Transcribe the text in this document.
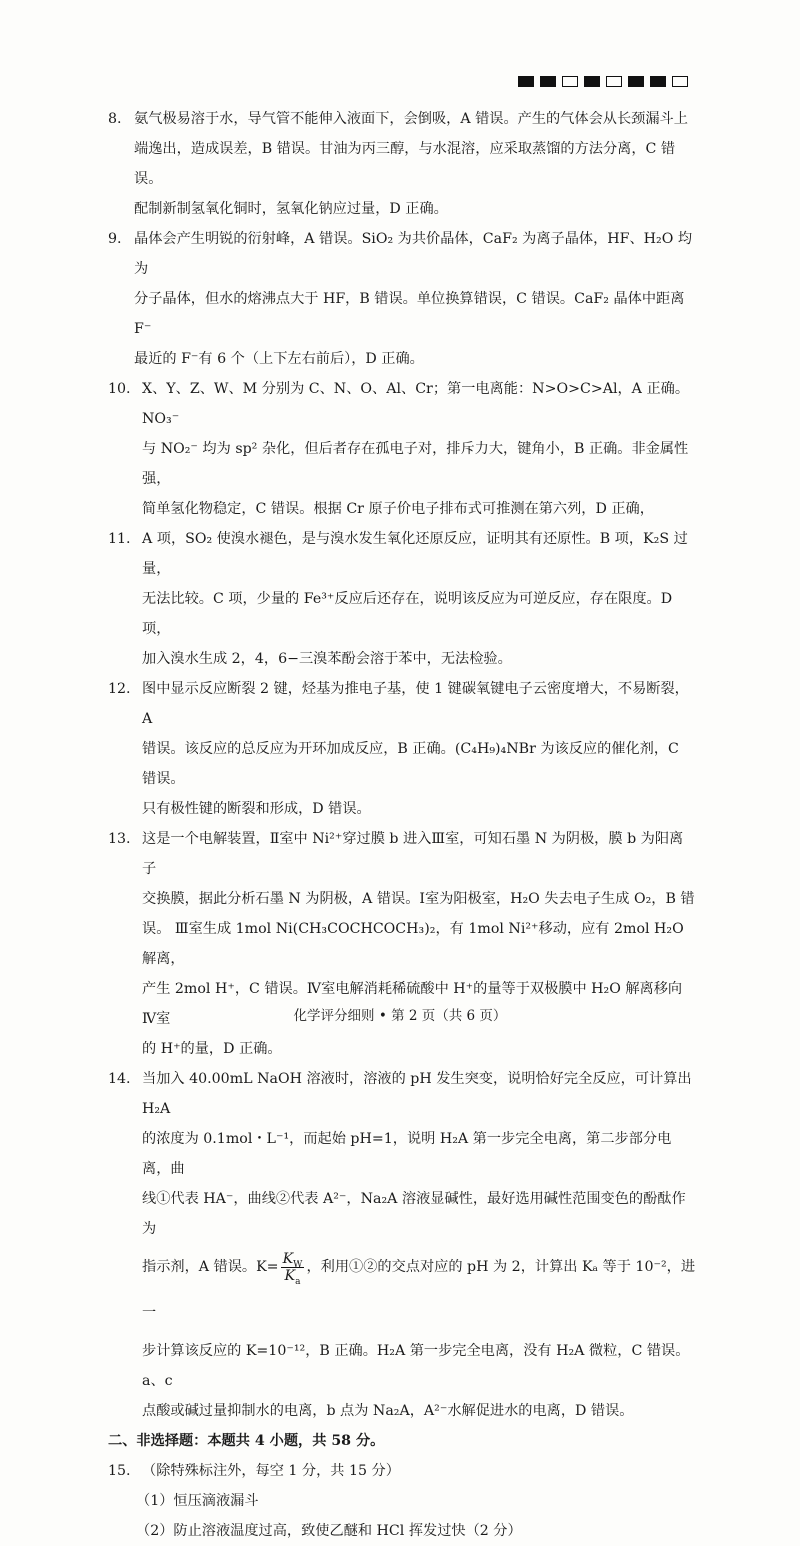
8. 氨气极易溶于水，导气管不能伸入液面下，会倒吸，A 错误。产生的气体会从长颈漏斗上

端逸出，造成误差，B 错误。甘油为丙三醇，与水混溶，应采取蒸馏的方法分离，C 错误。

配制新制氢氧化铜时，氢氧化钠应过量，D 正确。

9. 晶体会产生明锐的衍射峰，A 错误。SiO₂ 为共价晶体，CaF₂ 为离子晶体，HF、H₂O 均为

分子晶体，但水的熔沸点大于 HF，B 错误。单位换算错误，C 错误。CaF₂ 晶体中距离 F⁻

最近的 F⁻有 6 个（上下左右前后），D 正确。

10. X、Y、Z、W、M 分别为 C、N、O、Al、Cr；第一电离能：N>O>C>Al，A 正确。NO₃⁻

与 NO₂⁻ 均为 sp² 杂化，但后者存在孤电子对，排斥力大，键角小，B 正确。非金属性强，

简单氢化物稳定，C 错误。根据 Cr 原子价电子排布式可推测在第六列，D 正确，

11. A 项，SO₂ 使溴水褪色，是与溴水发生氧化还原反应，证明其有还原性。B 项，K₂S 过量，

无法比较。C 项，少量的 Fe³⁺反应后还存在，说明该反应为可逆反应，存在限度。D 项，

加入溴水生成 2，4，6−三溴苯酚会溶于苯中，无法检验。

12. 图中显示反应断裂 2 键，烃基为推电子基，使 1 键碳氧键电子云密度增大，不易断裂，A

错误。该反应的总反应为开环加成反应，B 正确。(C₄H₉)₄NBr 为该反应的催化剂，C 错误。

只有极性键的断裂和形成，D 错误。

13. 这是一个电解装置，Ⅱ室中 Ni²⁺穿过膜 b 进入Ⅲ室，可知石墨 N 为阴极，膜 b 为阳离子

交换膜，据此分析石墨 N 为阴极，A 错误。Ⅰ室为阳极室，H₂O 失去电子生成 O₂，B 错

误。 Ⅲ室生成 1mol Ni(CH₃COCHCOCH₃)₂，有 1mol Ni²⁺移动，应有 2mol H₂O 解离，

产生 2mol H⁺，C 错误。Ⅳ室电解消耗稀硫酸中 H⁺的量等于双极膜中 H₂O 解离移向Ⅳ室

的 H⁺的量，D 正确。

14. 当加入 40.00mL NaOH 溶液时，溶液的 pH 发生突变，说明恰好完全反应，可计算出 H₂A

的浓度为 0.1mol・L⁻¹，而起始 pH=1，说明 H₂A 第一步完全电离，第二步部分电离，曲

线①代表 HA⁻，曲线②代表 A²⁻，Na₂A 溶液显碱性，最好选用碱性范围变色的酚酞作为

指示剂，A 错误。$K= \frac{K_W}{K_a}$ ，利用①②的交点对应的 pH 为 2，计算出 Kₐ 等于 10⁻²，进一

步计算该反应的 K=10⁻¹²，B 正确。H₂A 第一步完全电离，没有 H₂A 微粒，C 错误。a、c

点酸或碱过量抑制水的电离，b 点为 Na₂A，A²⁻水解促进水的电离，D 错误。

二、非选择题：本题共 4 小题，共 58 分。

15. （除特殊标注外，每空 1 分，共 15 分）

（1）恒压滴液漏斗

（2）防止溶液温度过高，致使乙醚和 HCl 挥发过快（2 分）

化学评分细则 • 第 2 页（共 6 页）
